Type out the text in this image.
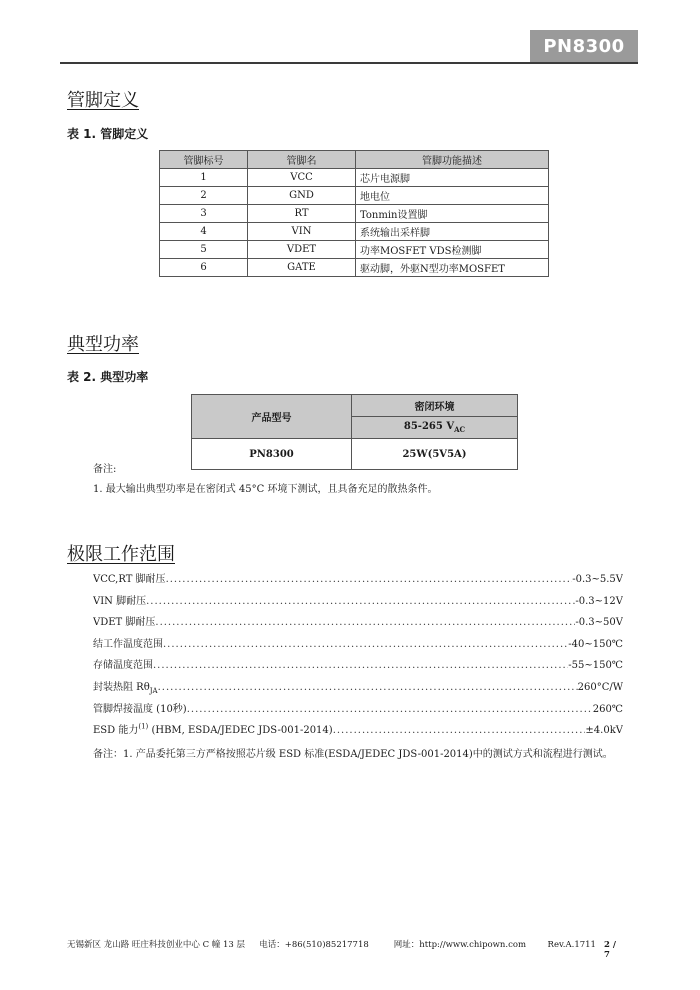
PN8300
管脚定义
表 1. 管脚定义
管脚标号	管脚名	管脚功能描述
1	VCC	芯片电源脚
2	GND	地电位
3	RT	Tonmin设置脚
4	VIN	系统输出采样脚
5	VDET	功率MOSFET VDS检测脚
6	GATE	驱动脚，外驱N型功率MOSFET
典型功率
表 2. 典型功率
产品型号	密闭环境
	85-265 $V_{AC}$
PN8300	25W(5V5A)
备注:
1. 最大输出典型功率是在密闭式 45°C 环境下测试，且具备充足的散热条件。
极限工作范围
VCC,RT 脚耐压 .....	-0.3~5.5V
VIN 脚耐压 .....	-0.3~12V
VDET 脚耐压 .....	-0.3~50V
结工作温度范围 .....	-40~150℃
存储温度范围 .....	-55~150℃
封装热阻 $R\theta_{JA}$ .....	260°C/W
管脚焊接温度 (10秒) .....	260℃
ESD 能力$^{(1)}$ (HBM, ESDA/JEDEC JDS-001-2014) .....	±4.0kV
备注：1. 产品委托第三方严格按照芯片级 ESD 标准(ESDA/JEDEC JDS-001-2014)中的测试方式和流程进行测试。
无锡新区 龙山路 旺庄科技创业中心 C 幢 13 层	电话：+86(510)85217718	网址：http://www.chipown.com	Rev.A.1711 2 / 7
